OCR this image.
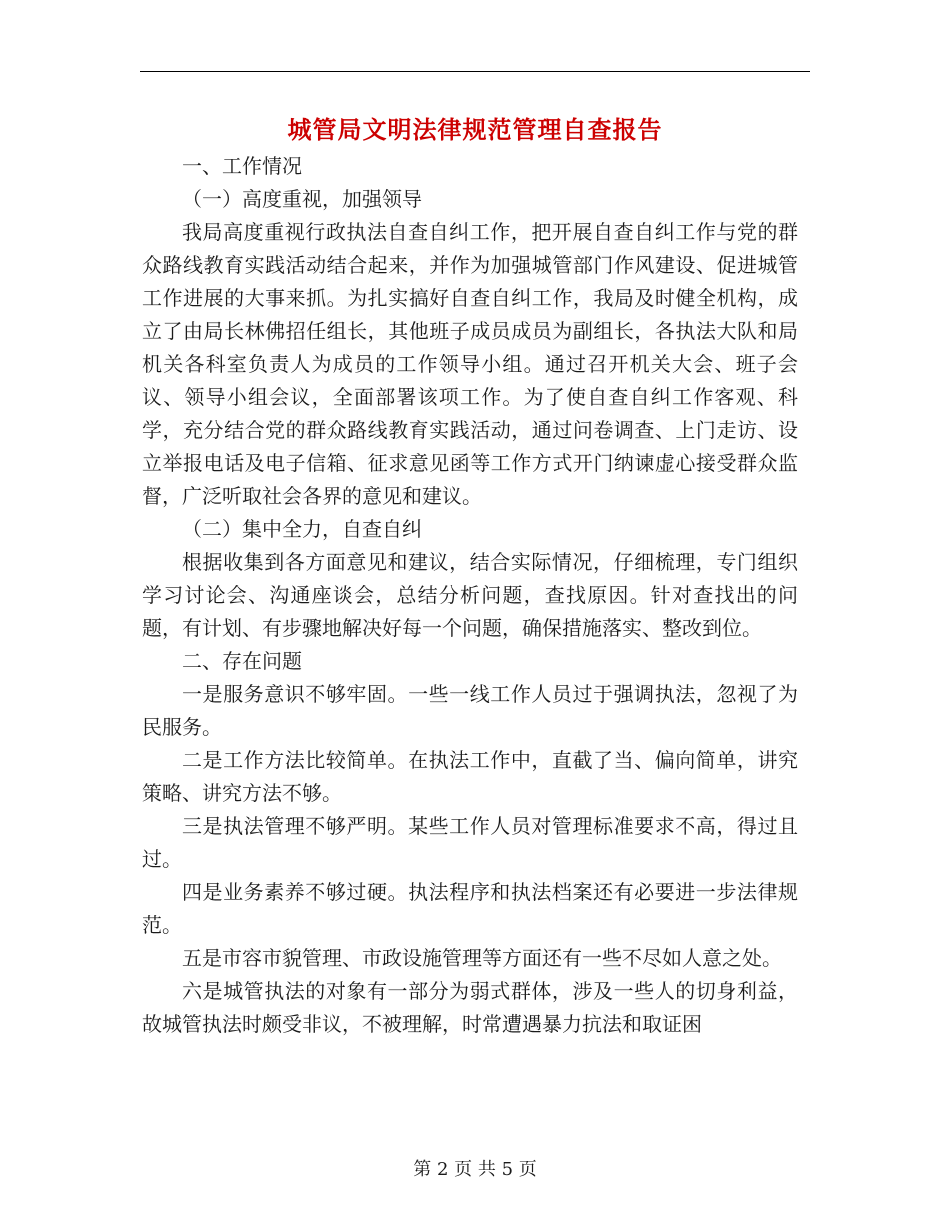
城管局文明法律规范管理自查报告

一、工作情况

（一）高度重视，加强领导

我局高度重视行政执法自查自纠工作，把开展自查自纠工作与党的群众路线教育实践活动结合起来，并作为加强城管部门作风建设、促进城管工作进展的大事来抓。为扎实搞好自查自纠工作，我局及时健全机构，成立了由局长林佛招任组长，其他班子成员成员为副组长，各执法大队和局机关各科室负责人为成员的工作领导小组。通过召开机关大会、班子会议、领导小组会议，全面部署该项工作。为了使自查自纠工作客观、科学，充分结合党的群众路线教育实践活动，通过问卷调查、上门走访、设立举报电话及电子信箱、征求意见函等工作方式开门纳谏虚心接受群众监督，广泛听取社会各界的意见和建议。

（二）集中全力，自查自纠

根据收集到各方面意见和建议，结合实际情况，仔细梳理，专门组织学习讨论会、沟通座谈会，总结分析问题，查找原因。针对查找出的问题，有计划、有步骤地解决好每一个问题，确保措施落实、整改到位。

二、存在问题

一是服务意识不够牢固。一些一线工作人员过于强调执法，忽视了为民服务。

二是工作方法比较简单。在执法工作中，直截了当、偏向简单，讲究策略、讲究方法不够。

三是执法管理不够严明。某些工作人员对管理标准要求不高，得过且过。

四是业务素养不够过硬。执法程序和执法档案还有必要进一步法律规范。

五是市容市貌管理、市政设施管理等方面还有一些不尽如人意之处。

六是城管执法的对象有一部分为弱式群体，涉及一些人的切身利益，故城管执法时颇受非议，不被理解，时常遭遇暴力抗法和取证困

第 2 页 共 5 页
